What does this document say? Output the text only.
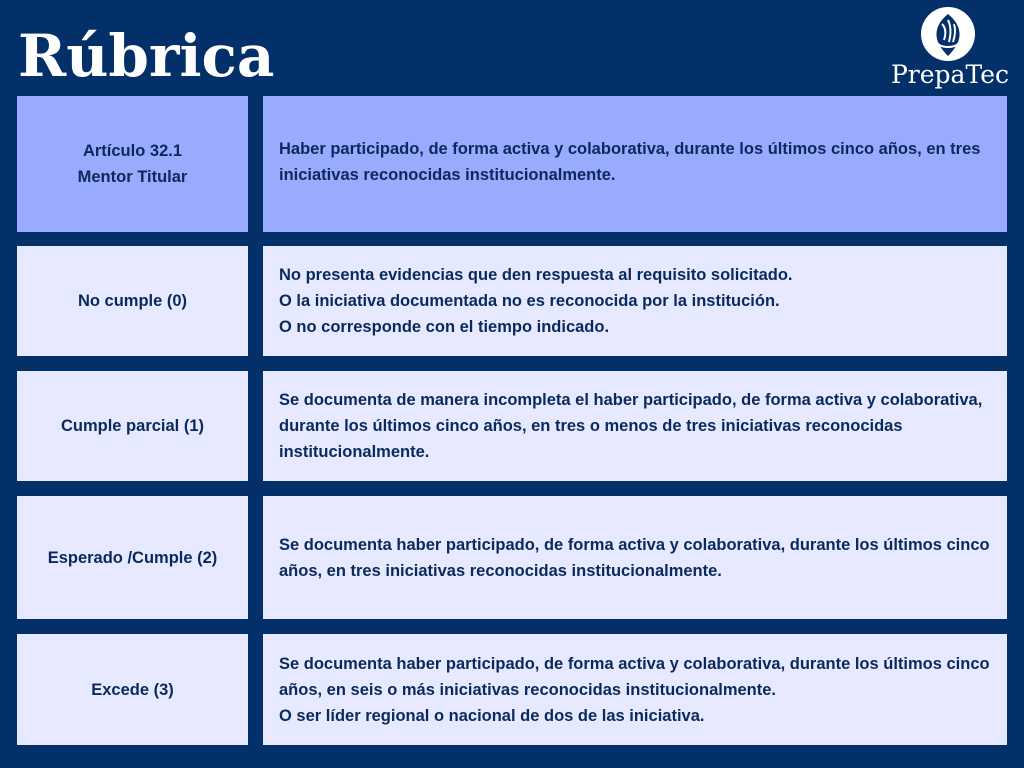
Rúbrica	PrepaTec
Artículo 32.1
Mentor Titular
Haber participado, de forma activa y colaborativa, durante los últimos cinco años, en tres iniciativas reconocidas institucionalmente.
No cumple (0)
No presenta evidencias que den respuesta al requisito solicitado.
O la iniciativa documentada no es reconocida por la institución.
O no corresponde con el tiempo indicado.
Cumple parcial (1)
Se documenta de manera incompleta el haber participado, de forma activa y colaborativa, durante los últimos cinco años, en tres o menos de tres iniciativas reconocidas institucionalmente.
Esperado /Cumple (2)
Se documenta haber participado, de forma activa y colaborativa, durante los últimos cinco años, en tres iniciativas reconocidas institucionalmente.
Excede (3)
Se documenta haber participado, de forma activa y colaborativa, durante los últimos cinco años, en seis o más iniciativas reconocidas institucionalmente.
O ser líder regional o nacional de dos de las iniciativa.
